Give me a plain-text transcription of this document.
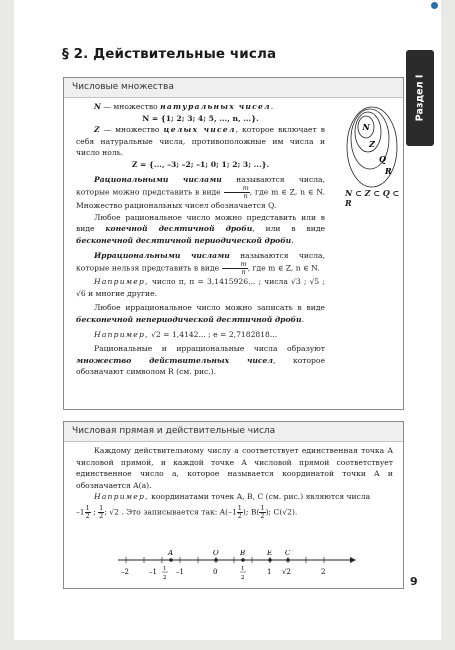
§ 2. Действительные числа
Раздел I
Числовые множества

N — множество натуральных чисел.

N = {1; 2; 3; 4; 5, ..., n, ...}.

Z — множество целых чисел, которое включает в себя натуральные числа, противоположные им числа и число ноль.

Z = {..., –3; –2; –1; 0; 1; 2; 3; ...}.

Рациональными числами называются числа, которые можно представить в виде $\frac{m}{n}$ , где m ∈ Z, n ∈ N. Множество рациональных чисел обозначается Q.

Любое рациональное число можно представить или в виде конечной десятичной дроби, или в виде бесконечной десятичной периодической дроби.

Иррациональными числами называются числа, которые нельзя представить в виде $\frac{m}{n}$ , где m ∈ Z, n ∈ N.

Например, число π, π = 3,1415926... ; числа √3 ; √5 ; √6 и многие другие.

Любое иррациональное число можно записать в виде бесконечной непериодической десятичной дроби.

Например, √2 = 1,4142... ; e = 2,7182818...

Рациональные и иррациональные числа образуют множество действительных чисел, которое обозначают символом R (см. рис.).

N
Z
Q
R
N ⊂ Z ⊂ Q ⊂ R
Числовая прямая и действительные числа

Каждому действительному числу a соответствует единственная точка A числовой прямой, и каждой точке A числовой прямой соответствует единственное число a, которое называется координатой точки A и обозначается A(a).

Например, координатами точек A, B, C (см. рис.) являются числа

$-1 \frac{1}{2}$ ; $\frac{1}{2}$ ; √2 . Это записывается так: $A(-1 \frac{1}{2}$ ); $B( \frac{1}{2}$ ); C(√2).

A	O	B	E C
–2	–1 1
2
–1	0	1
2
1 √2	2
9
